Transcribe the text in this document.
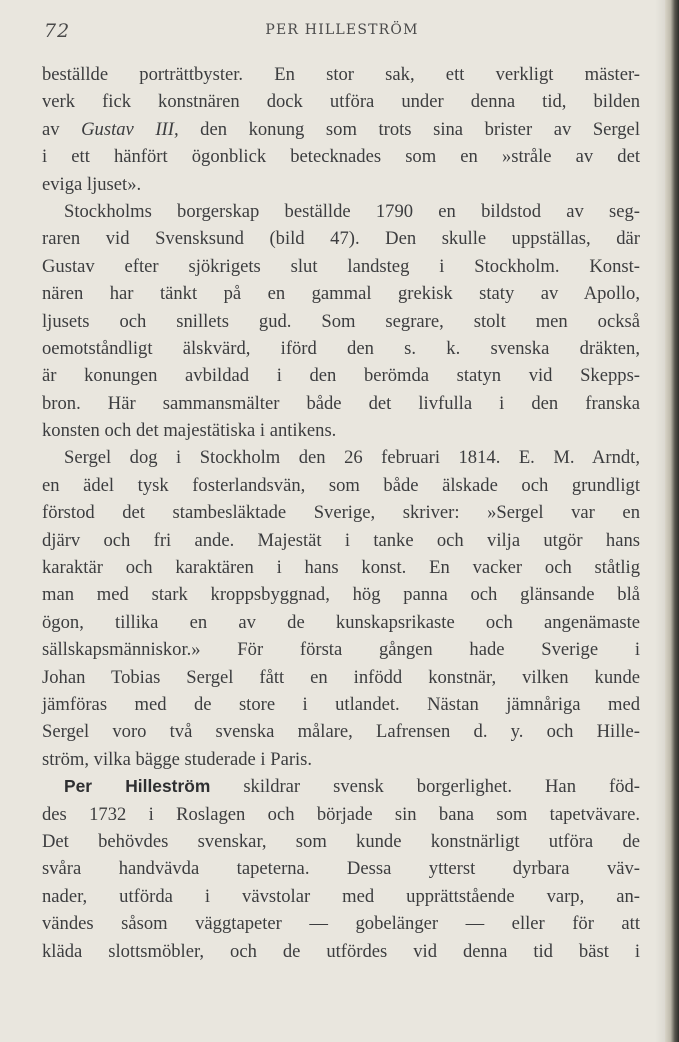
72	PER HILLESTRÖM
beställde porträttbyster. En stor sak, ett verkligt mäster-
verk fick konstnären dock utföra under denna tid, bilden
av Gustav III, den konung som trots sina brister av Sergel
i ett hänfört ögonblick betecknades som en »stråle av det
eviga ljuset».
Stockholms borgerskap beställde 1790 en bildstod av seg-
raren vid Svensksund (bild 47). Den skulle uppställas, där
Gustav efter sjökrigets slut landsteg i Stockholm. Konst-
nären har tänkt på en gammal grekisk staty av Apollo,
ljusets och snillets gud. Som segrare, stolt men också
oemotståndligt älskvärd, iförd den s. k. svenska dräkten,
är konungen avbildad i den berömda statyn vid Skepps-
bron. Här sammansmälter både det livfulla i den franska
konsten och det majestätiska i antikens.
Sergel dog i Stockholm den 26 februari 1814. E. M. Arndt,
en ädel tysk fosterlandsvän, som både älskade och grundligt
förstod det stambesläktade Sverige, skriver: »Sergel var en
djärv och fri ande. Majestät i tanke och vilja utgör hans
karaktär och karaktären i hans konst. En vacker och ståtlig
man med stark kroppsbyggnad, hög panna och glänsande blå
ögon, tillika en av de kunskapsrikaste och angenämaste
sällskapsmänniskor.» För första gången hade Sverige i
Johan Tobias Sergel fått en infödd konstnär, vilken kunde
jämföras med de store i utlandet. Nästan jämnåriga med
Sergel voro två svenska målare, Lafrensen d. y. och Hille-
ström, vilka bägge studerade i Paris.
Per Hilleström skildrar svensk borgerlighet. Han föd-
des 1732 i Roslagen och började sin bana som tapetvävare.
Det behövdes svenskar, som kunde konstnärligt utföra de
svåra handvävda tapeterna. Dessa ytterst dyrbara väv-
nader, utförda i vävstolar med upprättstående varp, an-
vändes såsom väggtapeter — gobelänger — eller för att
kläda slottsmöbler, och de utfördes vid denna tid bäst i
